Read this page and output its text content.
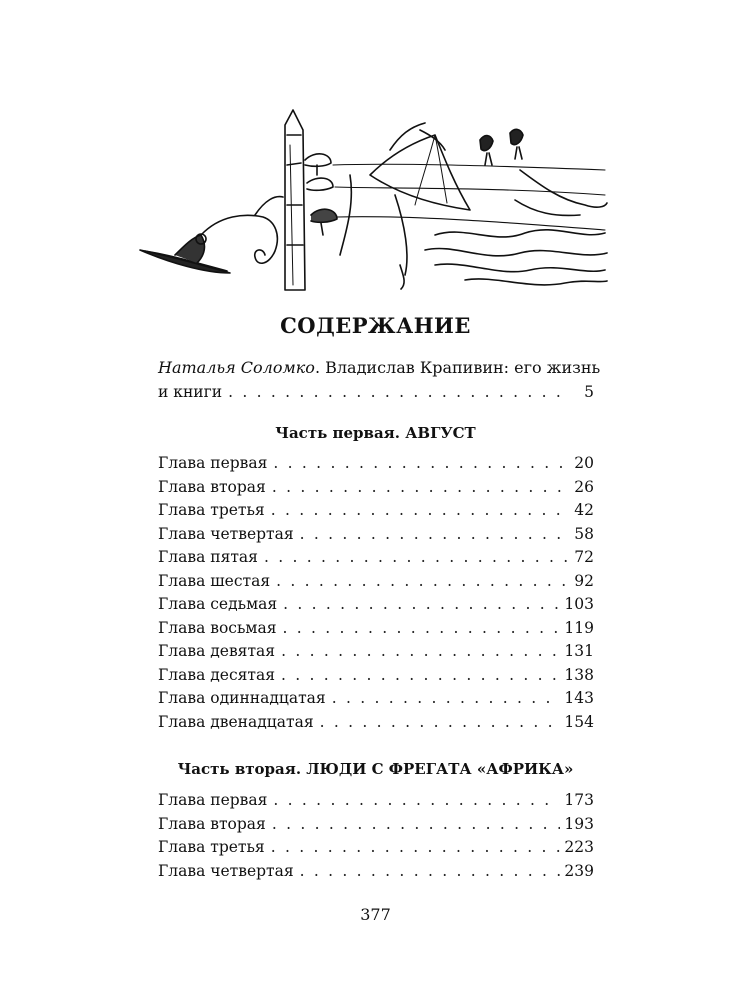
СОДЕРЖАНИЕ
Наталья Соломко. Владислав Крапивин: его жизнь
и книги . . .	5
Часть первая. АВГУСТ
Глава первая . . .	20
Глава вторая . . .	26
Глава третья . . .	42
Глава четвертая . . .	58
Глава пятая . . .	72
Глава шестая . . .	92
Глава седьмая . . .	103
Глава восьмая . . .	119
Глава девятая . . .	131
Глава десятая . . .	138
Глава одиннадцатая . . .	143
Глава двенадцатая . . .	154
Часть вторая. ЛЮДИ С ФРЕГАТА «АФРИКА»
Глава первая . . .	173
Глава вторая . . .	193
Глава третья . . .	223
Глава четвертая . . .	239
377
